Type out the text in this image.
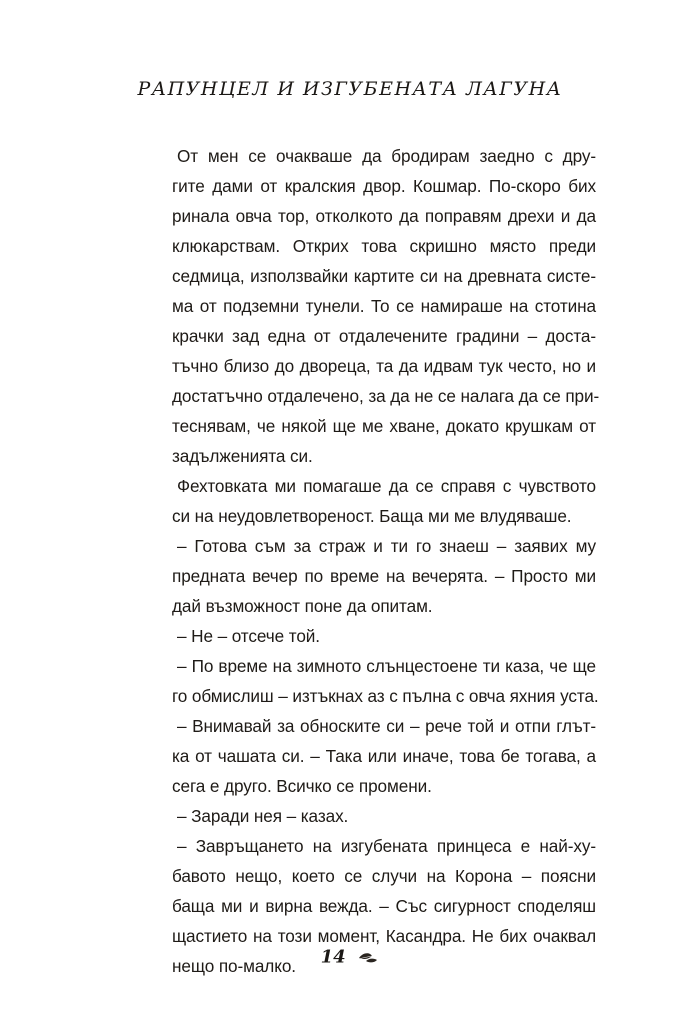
РАПУНЦЕЛ И ИЗГУБЕНАТА ЛАГУНА
От мен се очакваше да бродирам заедно с дру-
гите дами от кралския двор. Кошмар. По-скоро бих
ринала овча тор, отколкото да поправям дрехи и да
клюкарствам. Открих това скришно място преди
седмица, използвайки картите си на древната систе-
ма от подземни тунели. То се намираше на стотина
крачки зад една от отдалечените градини – доста-
тъчно близо до двореца, та да идвам тук често, но и
достатъчно отдалечено, за да не се налага да се при-
теснявам, че някой ще ме хване, докато крушкам от
задълженията си.
Фехтовката ми помагаше да се справя с чувството
си на неудовлетвореност. Баща ми ме влудяваше.
– Готова съм за страж и ти го знаеш – заявих му
предната вечер по време на вечерята. – Просто ми
дай възможност поне да опитам.
– Не – отсече той.
– По време на зимното слънцестоене ти каза, че ще
го обмислиш – изтъкнах аз с пълна с овча яхния уста.
– Внимавай за обноските си – рече той и отпи глът-
ка от чашата си. – Така или иначе, това бе тогава, а
сега е друго. Всичко се промени.
– Заради нея – казах.
– Завръщането на изгубената принцеса е най-ху-
бавото нещо, което се случи на Корона – поясни
баща ми и вирна вежда. – Със сигурност споделяш
щастието на този момент, Касандра. Не бих очаквал
нещо по-малко.	14
